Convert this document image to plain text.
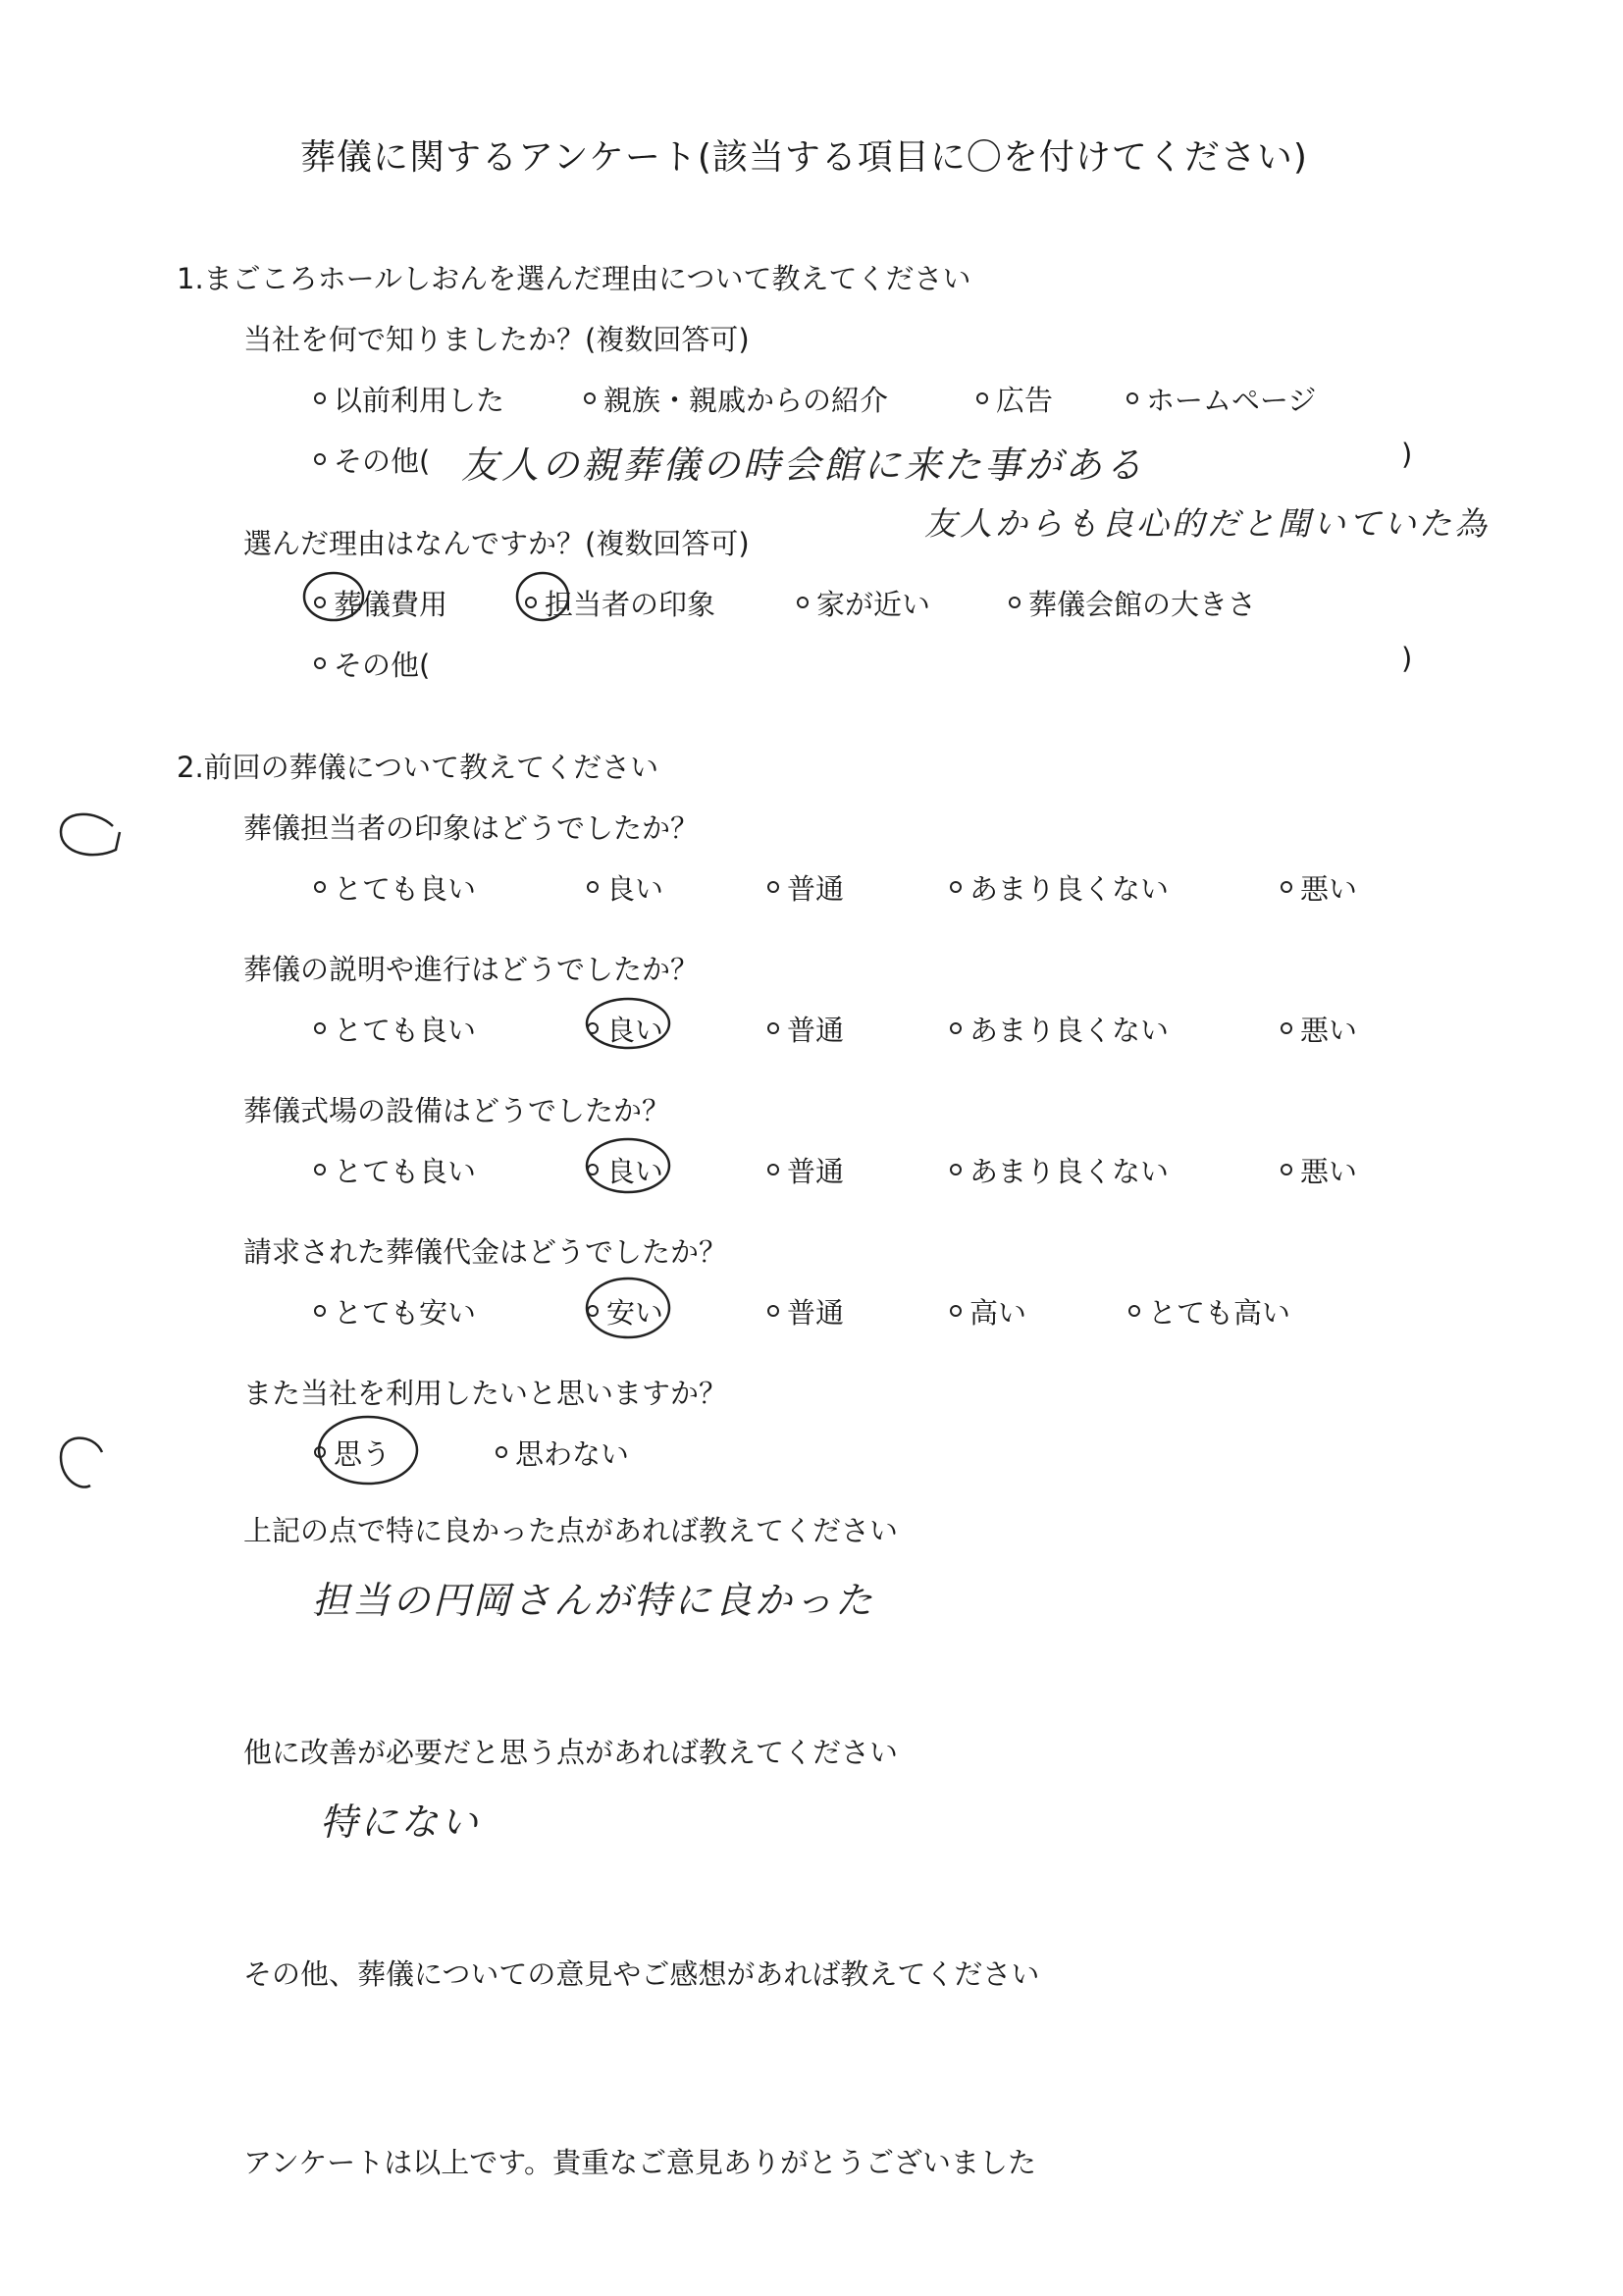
葬儀に関するアンケート(該当する項目に〇を付けてください)
1.まごころホールしおんを選んだ理由について教えてください
当社を何で知りましたか？(複数回答可)
以前利用した	親族・親戚からの紹介	広告	ホームページ
その他( 友人の親葬儀の時会館に来た事がある	)
友人からも良心的だと聞いていた為
選んだ理由はなんですか？(複数回答可)
葬儀費用	担当者の印象	家が近い	葬儀会館の大きさ
その他(	)
2.前回の葬儀について教えてください
葬儀担当者の印象はどうでしたか？
とても良い	良い	普通	あまり良くない	悪い
葬儀の説明や進行はどうでしたか？
とても良い	良い	普通	あまり良くない	悪い
葬儀式場の設備はどうでしたか？
とても良い	良い	普通	あまり良くない	悪い
請求された葬儀代金はどうでしたか？
とても安い	安い	普通	高い	とても高い
また当社を利用したいと思いますか？
思う	思わない
上記の点で特に良かった点があれば教えてください
担当の円岡さんが特に良かった
他に改善が必要だと思う点があれば教えてください
特にない
その他、葬儀についての意見やご感想があれば教えてください
アンケートは以上です。貴重なご意見ありがとうございました
